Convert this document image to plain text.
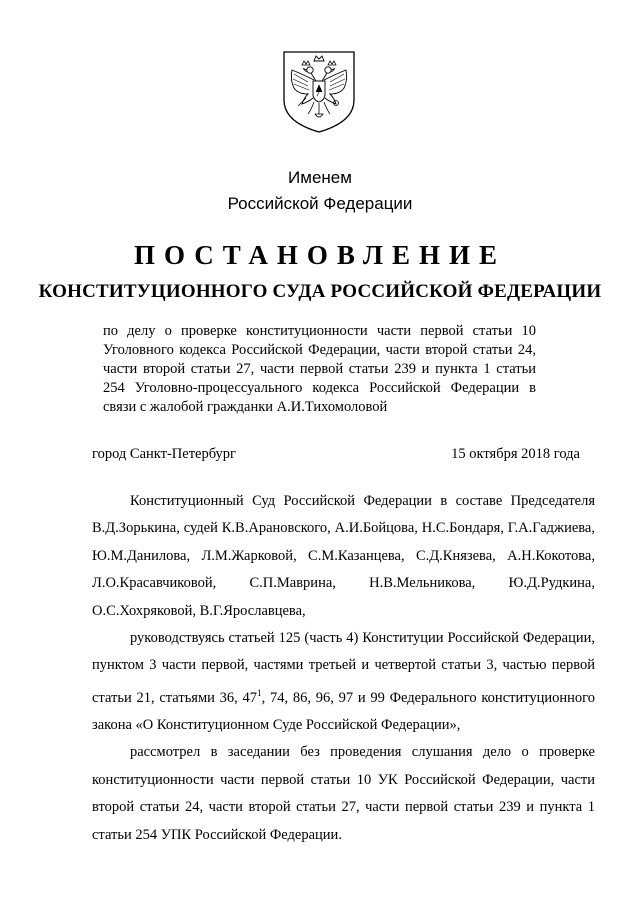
Именем
Российской Федерации
ПОСТАНОВЛЕНИЕ
КОНСТИТУЦИОННОГО СУДА РОССИЙСКОЙ ФЕДЕРАЦИИ
по делу о проверке конституционности части первой статьи 10 Уголовного кодекса Российской Федерации, части второй статьи 24, части второй статьи 27, части первой статьи 239 и пункта 1 статьи 254 Уголовно-процессуального кодекса Российской Федерации в связи с жалобой гражданки А.И.Тихомоловой
город Санкт-Петербург	15 октября 2018 года

Конституционный Суд Российской Федерации в составе Председателя В.Д.Зорькина, судей К.В.Арановского, А.И.Бойцова, Н.С.Бондаря, Г.А.Гаджиева, Ю.М.Данилова, Л.М.Жарковой, С.М.Казанцева, С.Д.Князева, А.Н.Кокотова, Л.О.Красавчиковой, С.П.Маврина, Н.В.Мельникова, Ю.Д.Рудкина, О.С.Хохряковой, В.Г.Ярославцева,

руководствуясь статьей 125 (часть 4) Конституции Российской Федерации, пунктом 3 части первой, частями третьей и четвертой статьи 3, частью первой статьи 21, статьями 36, $47^1$, 74, 86, 96, 97 и 99 Федерального конституционного закона «О Конституционном Суде Российской Федерации»,

рассмотрел в заседании без проведения слушания дело о проверке конституционности части первой статьи 10 УК Российской Федерации, части второй статьи 24, части второй статьи 27, части первой статьи 239 и пункта 1 статьи 254 УПК Российской Федерации.
